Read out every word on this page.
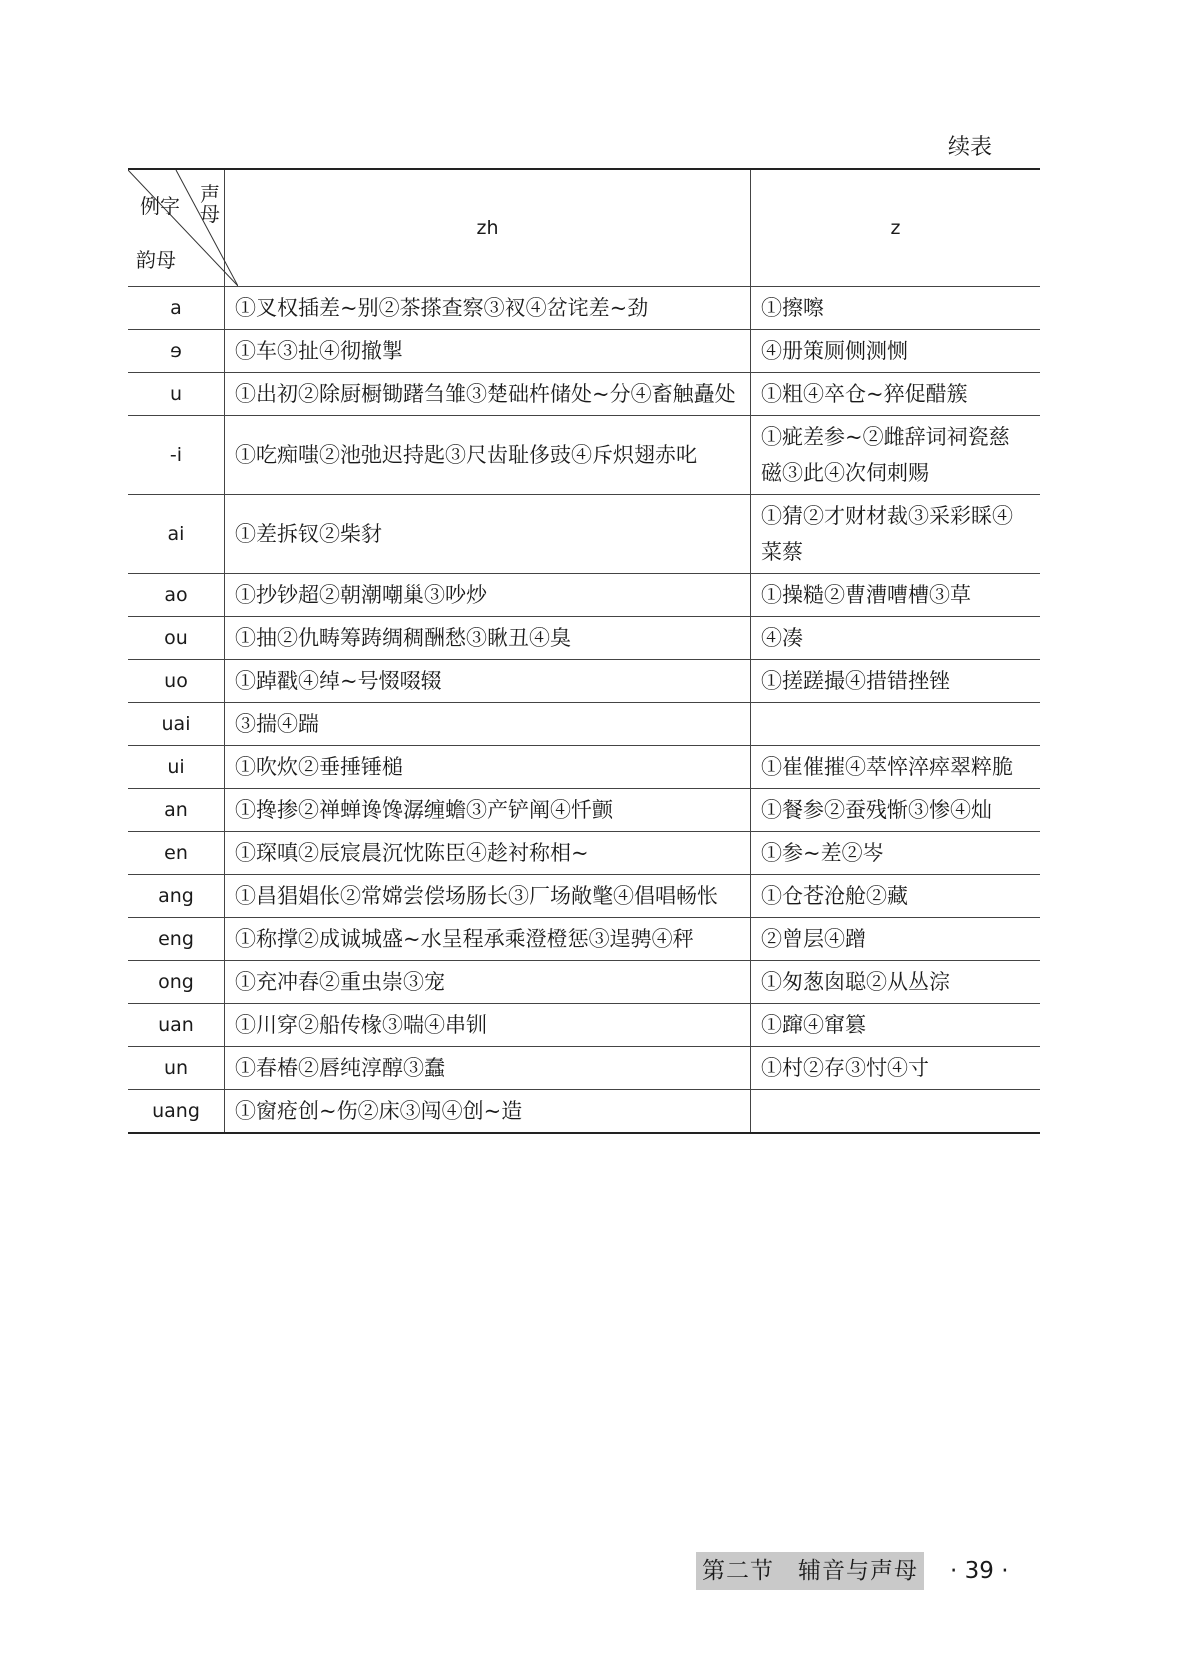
续表
声母
例字
韵母	zh	z
a	①叉权插差~别②茶搽查察③衩④岔诧差~劲	①擦嚓
ɘ	①车③扯④彻撤掣	④册策厕侧测恻
u	①出初②除厨橱锄躇刍雏③楚础杵储处~分④畜触矗处	①粗④卒仓~猝促醋簇
-i	①吃痴嗤②池弛迟持匙③尺齿耻侈豉④斥炽翅赤叱	①疵差参~②雌辞词祠瓷慈磁③此④次伺刺赐
ai	①差拆钗②柴豺	①猜②才财材裁③采彩睬④菜蔡
ao	①抄钞超②朝潮嘲巢③吵炒	①操糙②曹漕嘈槽③草
ou	①抽②仇畴筹踌绸稠酬愁③瞅丑④臭	④凑
uo	①踔戳④绰~号惙啜辍	①搓蹉撮④措错挫锉
uai	③揣④踹	
ui	①吹炊②垂捶锤槌	①崔催摧④萃悴淬瘁翠粹脆
an	①搀掺②禅蝉谗馋潺缠蟾③产铲阐④忏颤	①餐参②蚕残惭③惨④灿
en	①琛嗔②辰宸晨沉忱陈臣④趁衬称相~	①参~差②岑
ang	①昌猖娼伥②常嫦尝偿场肠长③厂场敞氅④倡唱畅怅	①仓苍沧舱②藏
eng	①称撑②成诚城盛~水呈程承乘澄橙惩③逞骋④秤	②曾层④蹭
ong	①充冲舂②重虫崇③宠	①匆葱囱聪②从丛淙
uan	①川穿②船传椽③喘④串钏	①蹿④窜篡
un	①春椿②唇纯淳醇③蠢	①村②存③忖④寸
uang	①窗疮创~伤②床③闯④创~造	
第二节　辅音与声母 · 39 ·
